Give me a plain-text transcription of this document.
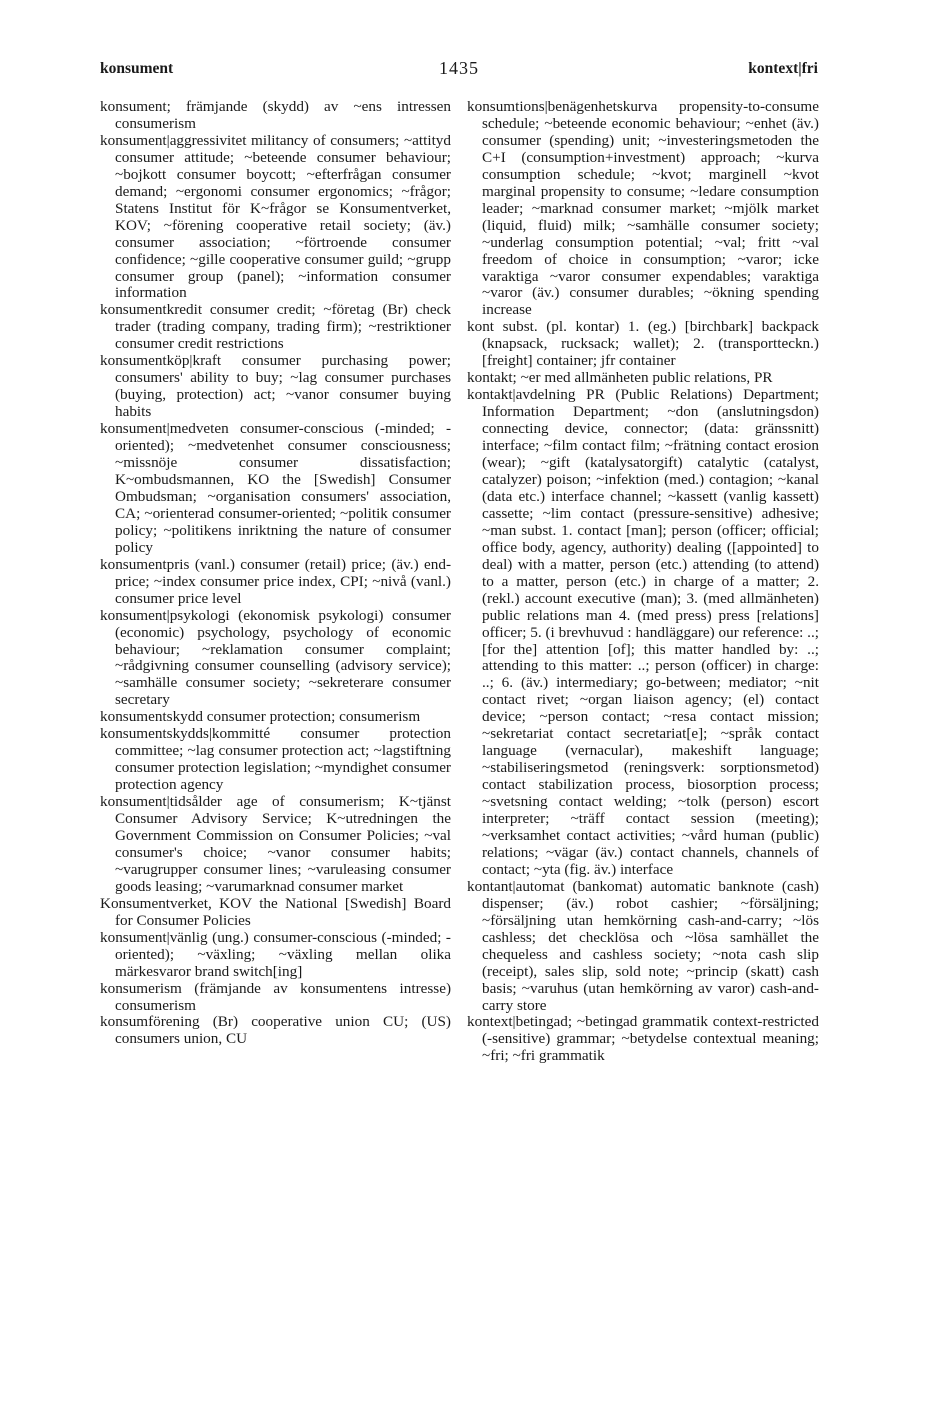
konsument	1435	kontext|fri

konsument; främjande (skydd) av ~ens intressen consumerism

konsument|aggressivitet militancy of consumers; ~attityd consumer attitude; ~beteende consumer behaviour; ~bojkott consumer boycott; ~efterfrågan consumer demand; ~ergonomi consumer ergonomics; ~frågor; Statens Institut för K~frågor se Konsumentverket, KOV; ~förening cooperative retail society; (äv.) consumer association; ~förtroende consumer confidence; ~gille cooperative consumer guild; ~grupp consumer group (panel); ~information consumer information

konsumentkredit consumer credit; ~företag (Br) check trader (trading company, trading firm); ~restriktioner consumer credit restrictions

konsumentköp|kraft consumer purchasing power; consumers' ability to buy; ~lag consumer purchases (buying, protection) act; ~vanor consumer buying habits

konsument|medveten consumer-conscious (-minded; -oriented); ~medvetenhet consumer consciousness; ~missnöje consumer dissatisfaction; K~ombudsmannen, KO the [Swedish] Consumer Ombudsman; ~organisation consumers' association, CA; ~orienterad consumer-oriented; ~politik consumer policy; ~politikens inriktning the nature of consumer policy

konsumentpris (vanl.) consumer (retail) price; (äv.) end-price; ~index consumer price index, CPI; ~nivå (vanl.) consumer price level

konsument|psykologi (ekonomisk psykologi) consumer (economic) psychology, psychology of economic behaviour; ~reklamation consumer complaint; ~rådgivning consumer counselling (advisory service); ~samhälle consumer society; ~sekreterare consumer secretary

konsumentskydd consumer protection; consumerism

konsumentskydds|kommitté consumer protection committee; ~lag consumer protection act; ~lagstiftning consumer protection legislation; ~myndighet consumer protection agency

konsument|tidsålder age of consumerism; K~tjänst Consumer Advisory Service; K~utredningen the Government Commission on Consumer Policies; ~val consumer's choice; ~vanor consumer habits; ~varugrupper consumer lines; ~varuleasing consumer goods leasing; ~varumarknad consumer market

Konsumentverket, KOV the National [Swedish] Board for Consumer Policies

konsument|vänlig (ung.) consumer-conscious (-minded; -oriented); ~växling; ~växling mellan olika märkesvaror brand switch[ing]

konsumerism (främjande av konsumentens intresse) consumerism

konsumförening (Br) cooperative union CU; (US) consumers union, CU

konsumtions|benägenhetskurva propensity-to-consume schedule; ~beteende economic behaviour; ~enhet (äv.) consumer (spending) unit; ~investeringsmetoden the C+I (consumption+investment) approach; ~kurva consumption schedule; ~kvot; marginell ~kvot marginal propensity to consume; ~ledare consumption leader; ~marknad consumer market; ~mjölk market (liquid, fluid) milk; ~samhälle consumer society; ~underlag consumption potential; ~val; fritt ~val freedom of choice in consumption; ~varor; icke varaktiga ~varor consumer expendables; varaktiga ~varor (äv.) consumer durables; ~ökning spending increase

kont subst. (pl. kontar) 1. (eg.) [birchbark] backpack (knapsack, rucksack; wallet); 2. (transportteckn.) [freight] container; jfr container

kontakt; ~er med allmänheten public relations, PR

kontakt|avdelning PR (Public Relations) Department; Information Department; ~don (anslutningsdon) connecting device, connector; (data: gränssnitt) interface; ~film contact film; ~frätning contact erosion (wear); ~gift (katalysatorgift) catalytic (catalyst, catalyzer) poison; ~infektion (med.) contagion; ~kanal (data etc.) interface channel; ~kassett (vanlig kassett) cassette; ~lim contact (pressure-sensitive) adhesive; ~man subst. 1. contact [man]; person (officer; official; office body, agency, authority) dealing ([appointed] to deal) with a matter, person (etc.) attending (to attend) to a matter, person (etc.) in charge of a matter; 2. (rekl.) account executive (man); 3. (med allmänheten) public relations man 4. (med press) press [relations] officer; 5. (i brevhuvud : handläggare) our reference: ..; [for the] attention [of]; this matter handled by: ..; attending to this matter: ..; person (officer) in charge: ..; 6. (äv.) intermediary; go-between; mediator; ~nit contact rivet; ~organ liaison agency; (el) contact device; ~person contact; ~resa contact mission; ~sekretariat contact secretariat[e]; ~språk contact language (vernacular), makeshift language; ~stabiliseringsmetod (reningsverk: sorptionsmetod) contact stabilization process, biosorption process; ~svetsning contact welding; ~tolk (person) escort interpreter; ~träff contact session (meeting); ~verksamhet contact activities; ~vård human (public) relations; ~vägar (äv.) contact channels, channels of contact; ~yta (fig. äv.) interface

kontant|automat (bankomat) automatic banknote (cash) dispenser; (äv.) robot cashier; ~försäljning; ~försäljning utan hemkörning cash-and-carry; ~lös cashless; det checklösa och ~lösa samhället the chequeless and cashless society; ~nota cash slip (receipt), sales slip, sold note; ~princip (skatt) cash basis; ~varuhus (utan hemkörning av varor) cash-and-carry store

kontext|betingad; ~betingad grammatik context-restricted (-sensitive) grammar; ~betydelse contextual meaning; ~fri; ~fri grammatik
